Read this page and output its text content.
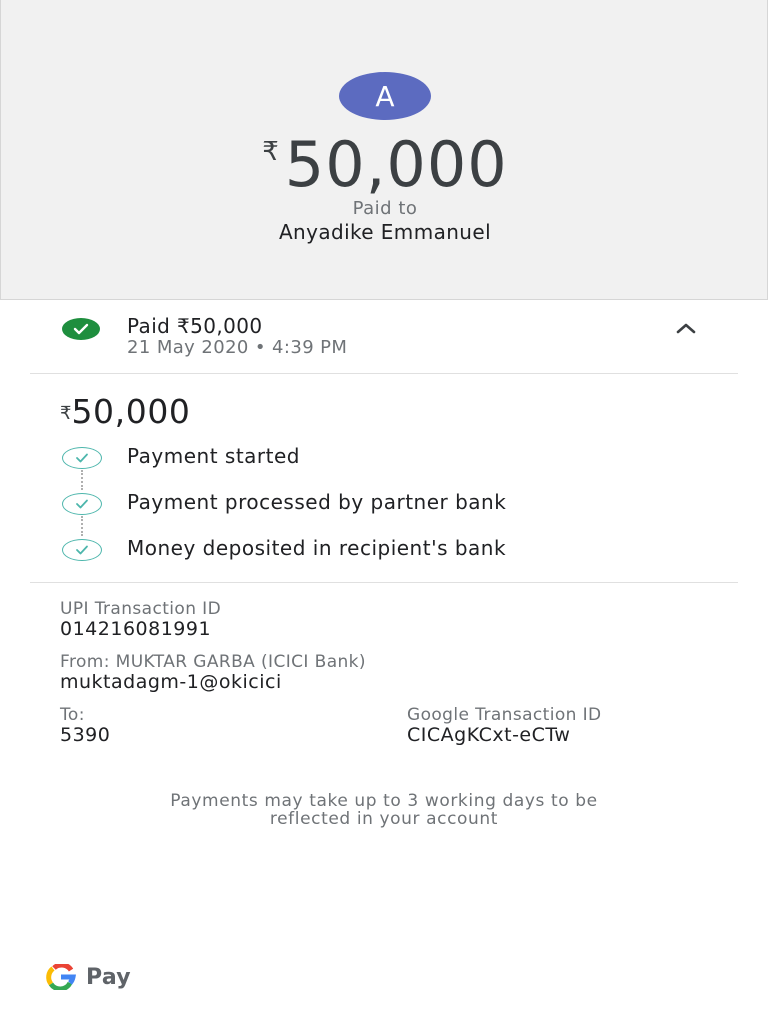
A
₹50,000
Paid to
Anyadike Emmanuel
Paid ₹50,000
21 May 2020 • 4:39 PM
₹50,000
Payment started
Payment processed by partner bank
Money deposited in recipient's bank
UPI Transaction ID
014216081991
From: MUKTAR GARBA (ICICI Bank)
muktadagm-1@okicici
To:
5390
Google Transaction ID
CICAgKCxt-eCTw
Payments may take up to 3 working days to be
reflected in your account
Pay
